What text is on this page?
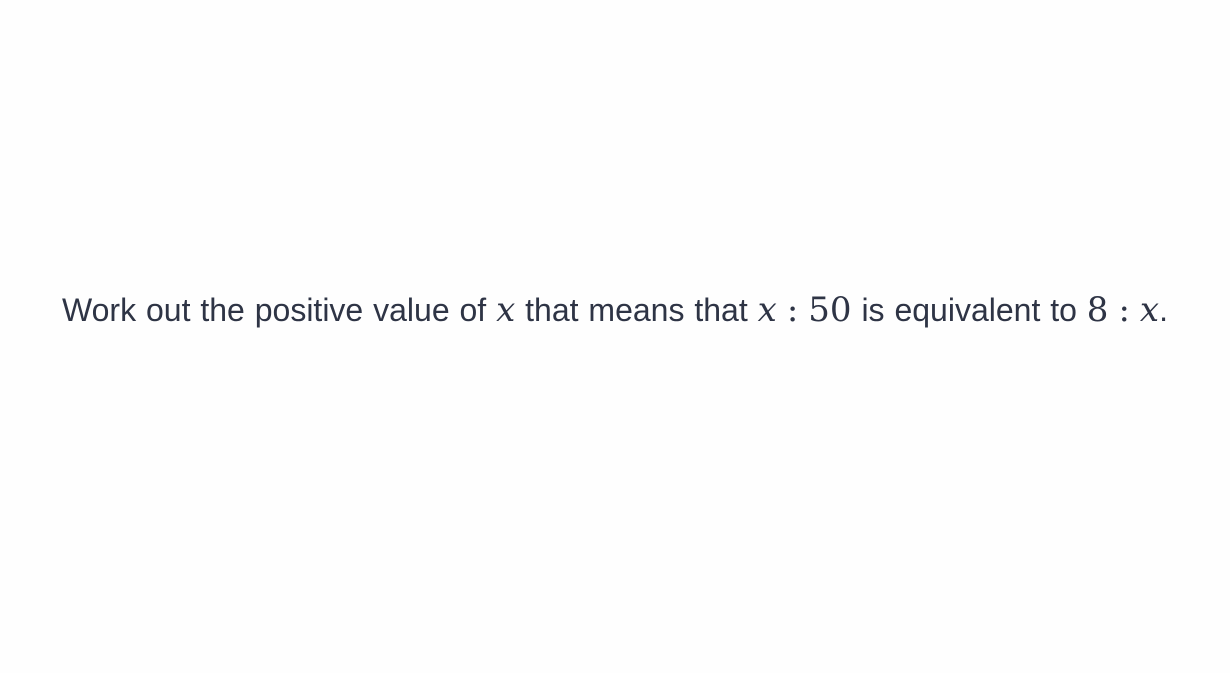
Work out the positive value of x that means that x : 50 is equivalent to 8 : x.
